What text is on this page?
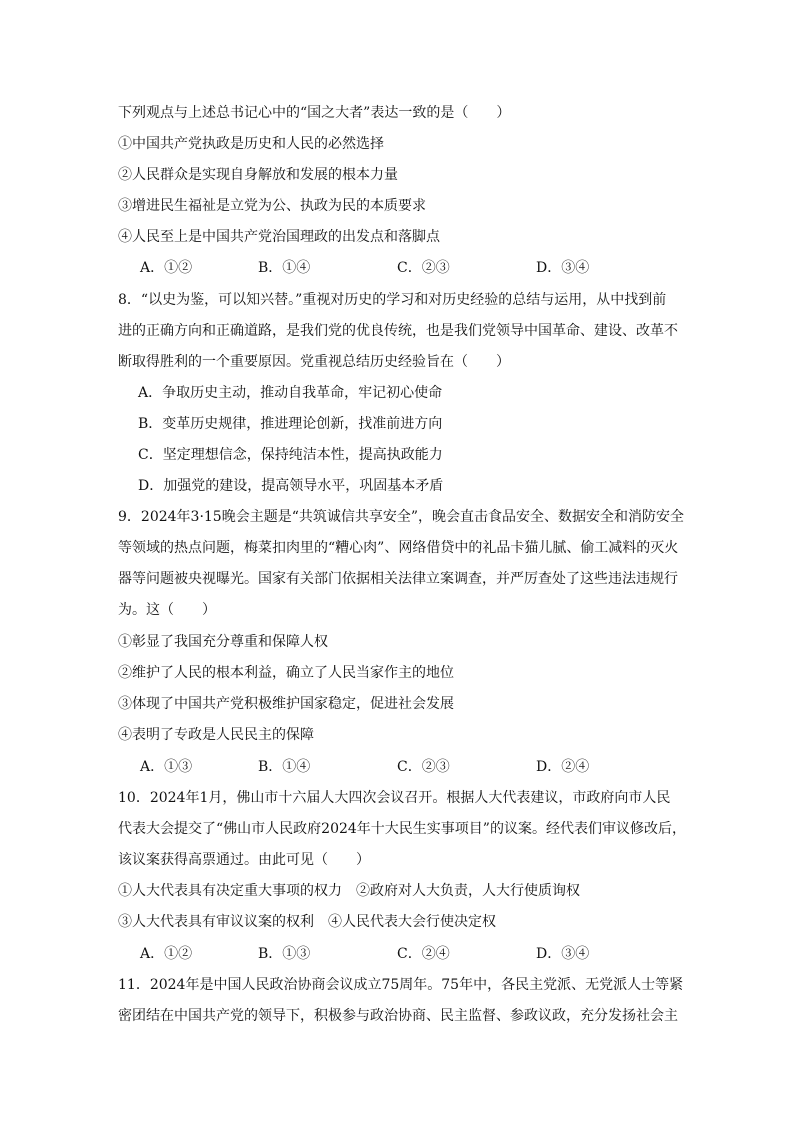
下列观点与上述总书记心中的“国之大者”表达一致的是（　　）
①中国共产党执政是历史和人民的必然选择
②人民群众是实现自身解放和发展的根本力量
③增进民生福祉是立党为公、执政为民的本质要求
④人民至上是中国共产党治国理政的出发点和落脚点
A．①②	B．①④	C．②③	D．③④
8．“以史为鉴，可以知兴替。”重视对历史的学习和对历史经验的总结与运用，从中找到前
进的正确方向和正确道路，是我们党的优良传统，也是我们党领导中国革命、建设、改革不
断取得胜利的一个重要原因。党重视总结历史经验旨在（　　）
A．争取历史主动，推动自我革命，牢记初心使命
B．变革历史规律，推进理论创新，找准前进方向
C．坚定理想信念，保持纯洁本性，提高执政能力
D．加强党的建设，提高领导水平，巩固基本矛盾
9．2024年3·15晚会主题是“共筑诚信共享安全”，晚会直击食品安全、数据安全和消防安全
等领域的热点问题，梅菜扣肉里的“糟心肉”、网络借贷中的礼品卡猫儿腻、偷工减料的灭火
器等问题被央视曝光。国家有关部门依据相关法律立案调查，并严厉查处了这些违法违规行
为。这（　　）
①彰显了我国充分尊重和保障人权
②维护了人民的根本利益，确立了人民当家作主的地位
③体现了中国共产党积极维护国家稳定，促进社会发展
④表明了专政是人民民主的保障
A．①③	B．①④	C．②③	D．②④
10．2024年1月，佛山市十六届人大四次会议召开。根据人大代表建议，市政府向市人民
代表大会提交了“佛山市人民政府2024年十大民生实事项目”的议案。经代表们审议修改后，
该议案获得高票通过。由此可见（　　）
①人大代表具有决定重大事项的权力　②政府对人大负责，人大行使质询权
③人大代表具有审议议案的权利　④人民代表大会行使决定权
A．①②	B．①③	C．②④	D．③④
11．2024年是中国人民政治协商会议成立75周年。75年中，各民主党派、无党派人士等紧
密团结在中国共产党的领导下，积极参与政治协商、民主监督、参政议政，充分发扬社会主
